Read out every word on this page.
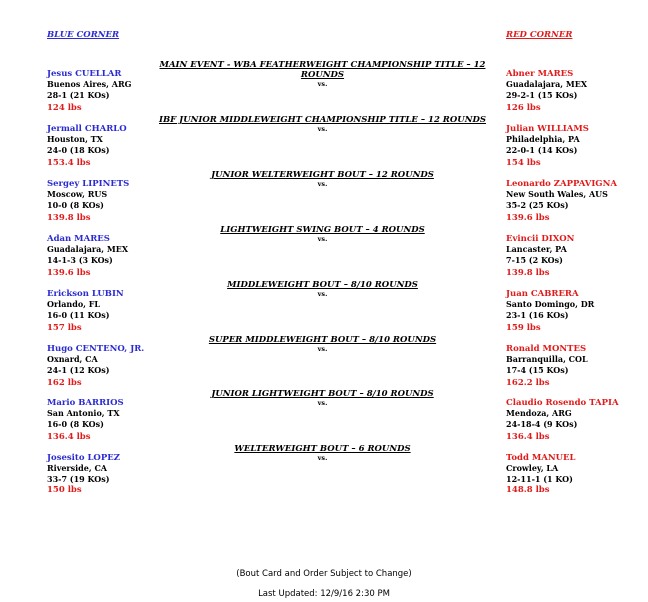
BLUE CORNER	RED CORNER
MAIN EVENT - WBA FEATHERWEIGHT CHAMPIONSHIP TITLE – 12 ROUNDS
vs.
Jesus CUELLAR
Buenos Aires, ARG
28-1 (21 KOs)
124 lbs
Abner MARES
Guadalajara, MEX
29-2-1 (15 KOs)
126 lbs
IBF JUNIOR MIDDLEWEIGHT CHAMPIONSHIP TITLE – 12 ROUNDS
vs.
Jermall CHARLO
Houston, TX
24-0 (18 KOs)
153.4 lbs
Julian WILLIAMS
Philadelphia, PA
22-0-1 (14 KOs)
154 lbs
JUNIOR WELTERWEIGHT BOUT – 12 ROUNDS
vs.
Sergey LIPINETS
Moscow, RUS
10-0 (8 KOs)
139.8 lbs
Leonardo ZAPPAVIGNA
New South Wales, AUS
35-2 (25 KOs)
139.6 lbs
LIGHTWEIGHT SWING BOUT – 4 ROUNDS
vs.
Adan MARES
Guadalajara, MEX
14-1-3 (3 KOs)
139.6 lbs
Evincii DIXON
Lancaster, PA
7-15 (2 KOs)
139.8 lbs
MIDDLEWEIGHT BOUT – 8/10 ROUNDS
vs.
Erickson LUBIN
Orlando, FL
16-0 (11 KOs)
157 lbs
Juan CABRERA
Santo Domingo, DR
23-1 (16 KOs)
159 lbs
SUPER MIDDLEWEIGHT BOUT – 8/10 ROUNDS
vs.
Hugo CENTENO, JR.
Oxnard, CA
24-1 (12 KOs)
162 lbs
Ronald MONTES
Barranquilla, COL
17-4 (15 KOs)
162.2 lbs
JUNIOR LIGHTWEIGHT BOUT – 8/10 ROUNDS
vs.
Mario BARRIOS
San Antonio, TX
16-0 (8 KOs)
136.4 lbs
Claudio Rosendo TAPIA
Mendoza, ARG
24-18-4 (9 KOs)
136.4 lbs
WELTERWEIGHT BOUT – 6 ROUNDS
vs.
Josesito LOPEZ
Riverside, CA
33-7 (19 KOs)
150 lbs
Todd MANUEL
Crowley, LA
12-11-1 (1 KO)
148.8 lbs
(Bout Card and Order Subject to Change)
Last Updated: 12/9/16 2:30 PM
